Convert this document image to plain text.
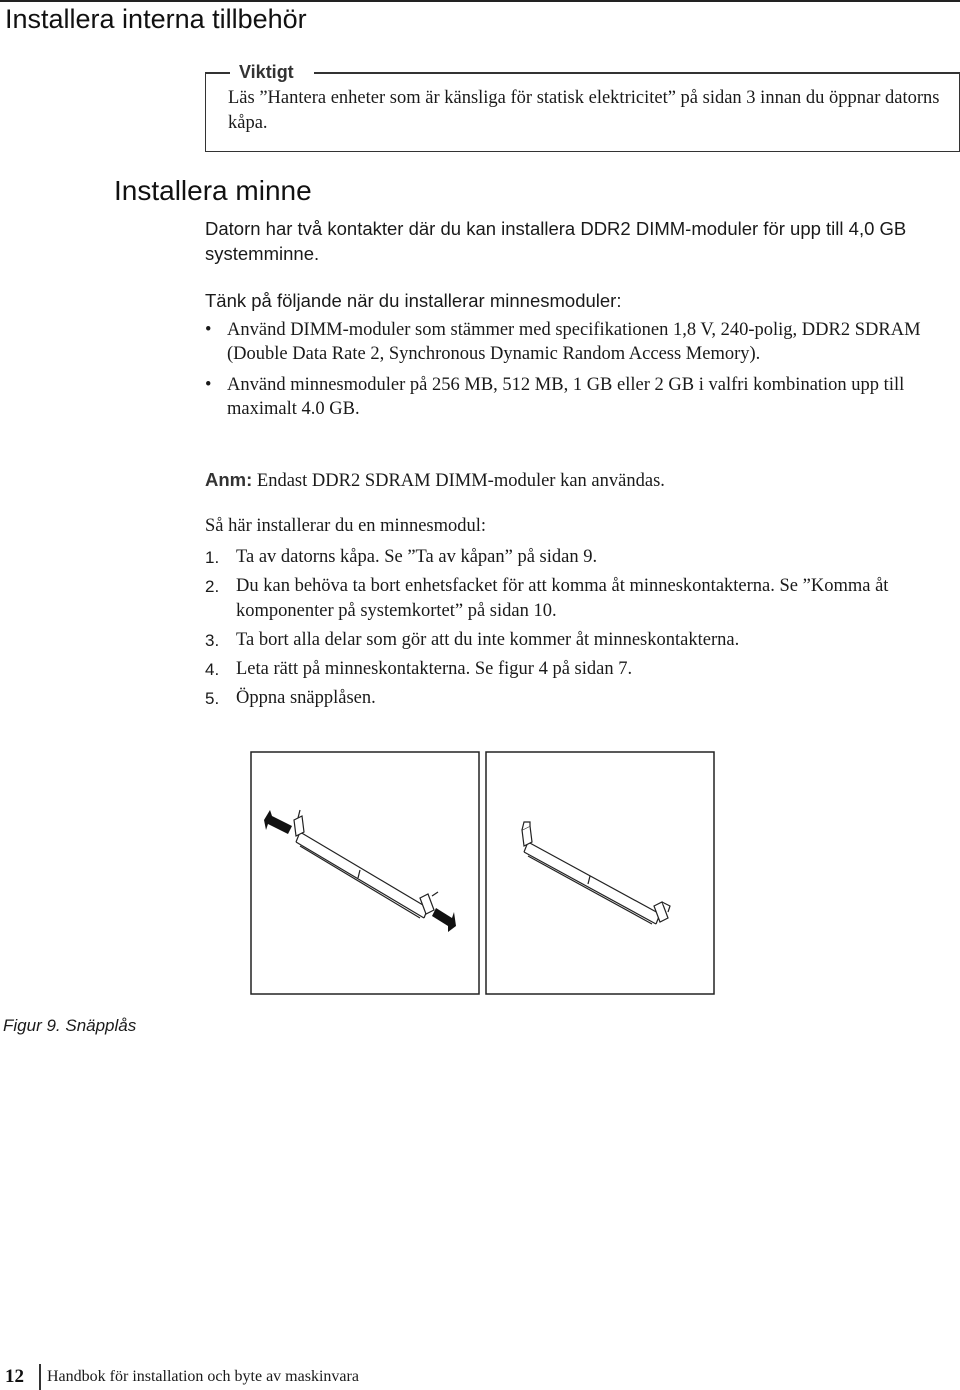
Installera interna tillbehör

Viktigt

Läs ”Hantera enheter som är känsliga för statisk elektricitet” på sidan 3 innan du öppnar datorns kåpa.

Installera minne

Datorn har två kontakter där du kan installera DDR2 DIMM-moduler för upp till 4,0 GB systemminne.

Tänk på följande när du installerar minnesmoduler:

• Använd DIMM-moduler som stämmer med specifikationen 1,8 V, 240-polig, DDR2 SDRAM (Double Data Rate 2, Synchronous Dynamic Random Access Memory).
• Använd minnesmoduler på 256 MB, 512 MB, 1 GB eller 2 GB i valfri kombination upp till maximalt 4.0 GB.

Anm: Endast DDR2 SDRAM DIMM-moduler kan användas.

Så här installerar du en minnesmodul:

1. Ta av datorns kåpa. Se ”Ta av kåpan” på sidan 9.
2. Du kan behöva ta bort enhetsfacket för att komma åt minneskontakterna. Se ”Komma åt komponenter på systemkortet” på sidan 10.
3. Ta bort alla delar som gör att du inte kommer åt minneskontakterna.
4. Leta rätt på minneskontakterna. Se figur 4 på sidan 7.
5. Öppna snäpplåsen.

Figur 9. Snäpplås

12 Handbok för installation och byte av maskinvara
